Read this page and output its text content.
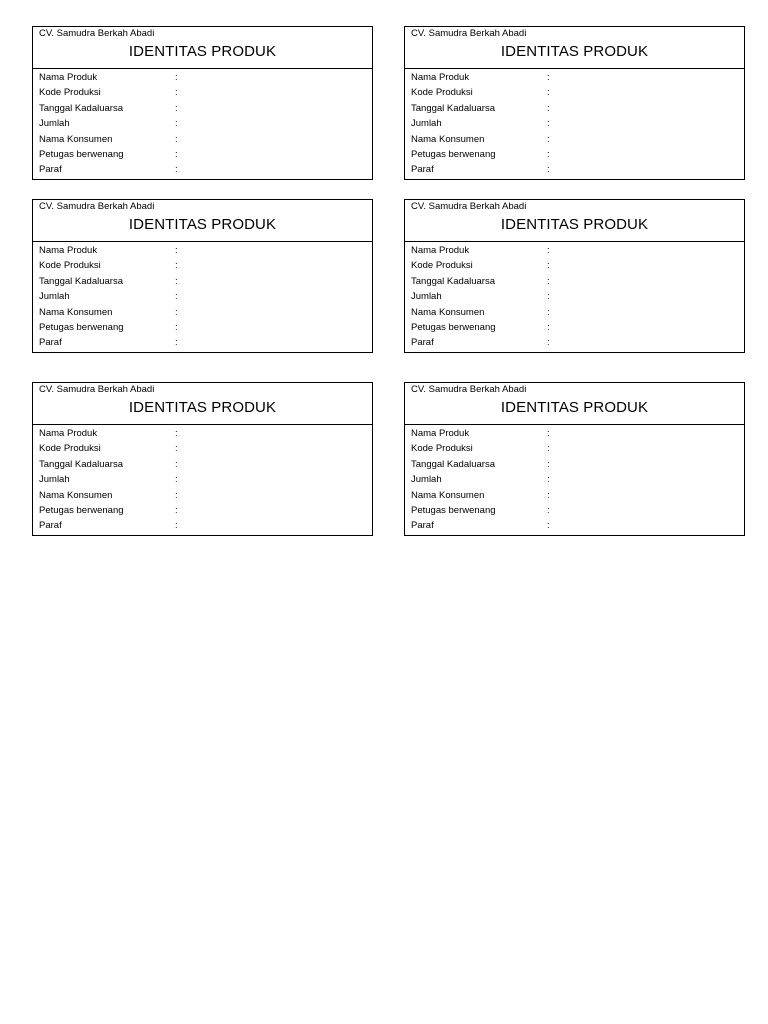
CV. Samudra Berkah Abadi
IDENTITAS PRODUK
Nama Produk	:
Kode Produksi	:
Tanggal Kadaluarsa	:
Jumlah	:
Nama Konsumen	:
Petugas berwenang	:
Paraf	:
CV. Samudra Berkah Abadi
IDENTITAS PRODUK
Nama Produk	:
Kode Produksi	:
Tanggal Kadaluarsa	:
Jumlah	:
Nama Konsumen	:
Petugas berwenang	:
Paraf	:
CV. Samudra Berkah Abadi
IDENTITAS PRODUK
Nama Produk	:
Kode Produksi	:
Tanggal Kadaluarsa	:
Jumlah	:
Nama Konsumen	:
Petugas berwenang	:
Paraf	:
CV. Samudra Berkah Abadi
IDENTITAS PRODUK
Nama Produk	:
Kode Produksi	:
Tanggal Kadaluarsa	:
Jumlah	:
Nama Konsumen	:
Petugas berwenang	:
Paraf	:
CV. Samudra Berkah Abadi
IDENTITAS PRODUK
Nama Produk	:
Kode Produksi	:
Tanggal Kadaluarsa	:
Jumlah	:
Nama Konsumen	:
Petugas berwenang	:
Paraf	:
CV. Samudra Berkah Abadi
IDENTITAS PRODUK
Nama Produk	:
Kode Produksi	:
Tanggal Kadaluarsa	:
Jumlah	:
Nama Konsumen	:
Petugas berwenang	:
Paraf	:
